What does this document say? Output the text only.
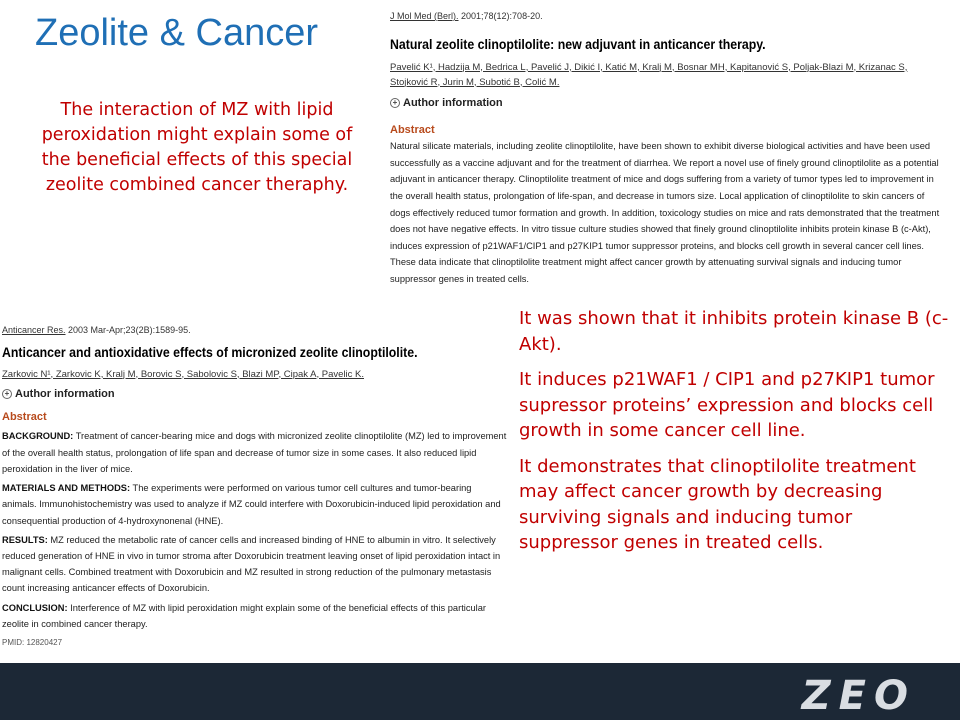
Zeolite & Cancer
The interaction of MZ with lipid peroxidation might explain some of the beneficial effects of this special zeolite combined cancer theraphy.
J Mol Med (Berl). 2001;78(12):708-20.
Natural zeolite clinoptilolite: new adjuvant in anticancer therapy.
Pavelić K¹, Hadzija M, Bedrica L, Pavelić J, Dikić I, Katić M, Kralj M, Bosnar MH, Kapitanović S, Poljak-Blazi M, Krizanac S, Stojković R, Jurin M, Subotić B, Colić M.
+ Author information
Abstract
Natural silicate materials, including zeolite clinoptilolite, have been shown to exhibit diverse biological activities and have been used successfully as a vaccine adjuvant and for the treatment of diarrhea. We report a novel use of finely ground clinoptilolite as a potential adjuvant in anticancer therapy. Clinoptilolite treatment of mice and dogs suffering from a variety of tumor types led to improvement in the overall health status, prolongation of life-span, and decrease in tumors size. Local application of clinoptilolite to skin cancers of dogs effectively reduced tumor formation and growth. In addition, toxicology studies on mice and rats demonstrated that the treatment does not have negative effects. In vitro tissue culture studies showed that finely ground clinoptilolite inhibits protein kinase B (c-Akt), induces expression of p21WAF1/CIP1 and p27KIP1 tumor suppressor proteins, and blocks cell growth in several cancer cell lines. These data indicate that clinoptilolite treatment might affect cancer growth by attenuating survival signals and inducing tumor suppressor genes in treated cells.
Anticancer Res. 2003 Mar-Apr;23(2B):1589-95.
Anticancer and antioxidative effects of micronized zeolite clinoptilolite.
Zarkovic N¹, Zarkovic K, Kralj M, Borovic S, Sabolovic S, Blazi MP, Cipak A, Pavelic K.
+ Author information
Abstract
BACKGROUND: Treatment of cancer-bearing mice and dogs with micronized zeolite clinoptilolite (MZ) led to improvement of the overall health status, prolongation of life span and decrease of tumor size in some cases. It also reduced lipid peroxidation in the liver of mice.
MATERIALS AND METHODS: The experiments were performed on various tumor cell cultures and tumor-bearing animals. Immunohistochemistry was used to analyze if MZ could interfere with Doxorubicin-induced lipid peroxidation and consequential production of 4-hydroxynonenal (HNE).
RESULTS: MZ reduced the metabolic rate of cancer cells and increased binding of HNE to albumin in vitro. It selectively reduced generation of HNE in vivo in tumor stroma after Doxorubicin treatment leaving onset of lipid peroxidation intact in malignant cells. Combined treatment with Doxorubicin and MZ resulted in strong reduction of the pulmonary metastasis count increasing anticancer effects of Doxorubicin.
CONCLUSION: Interference of MZ with lipid peroxidation might explain some of the beneficial effects of this particular zeolite in combined cancer therapy.
PMID: 12820427

It was shown that it inhibits protein kinase B (c-Akt).

It induces p21WAF1 / CIP1 and p27KIP1 tumor supressor proteins’ expression and blocks cell growth in some cancer cell line.

It demonstrates that clinoptilolite treatment may affect cancer growth by decreasing surviving signals and inducing tumor suppressor genes in treated cells.

ZEO
